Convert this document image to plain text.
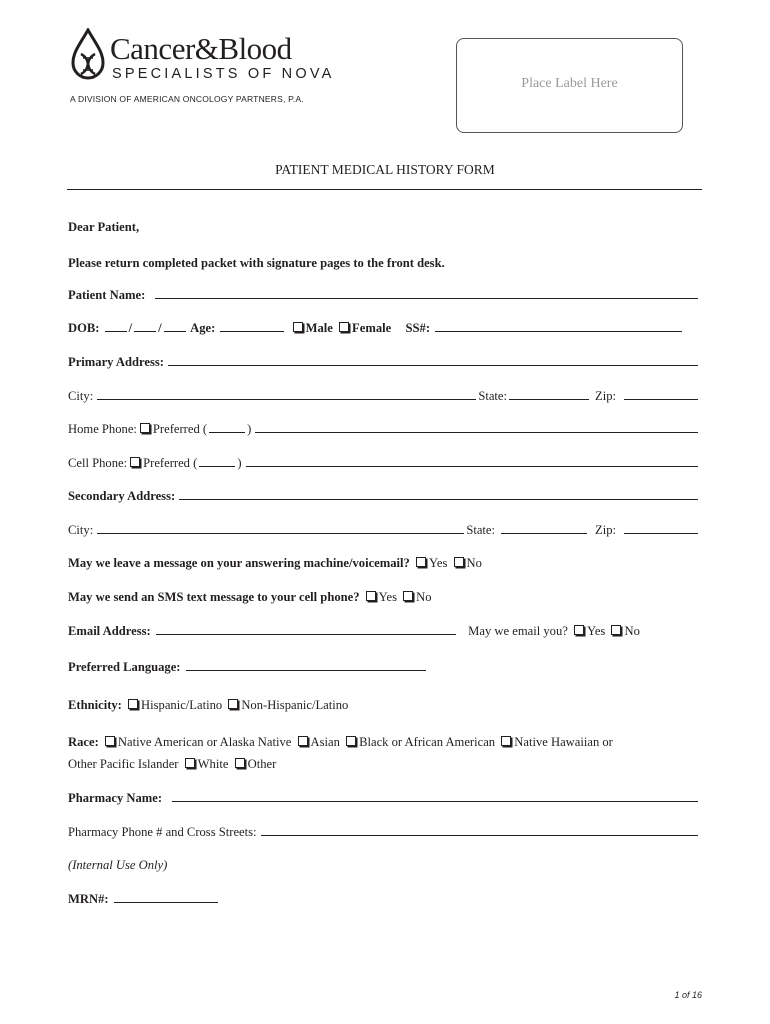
Cancer&Blood
SPECIALISTS OF NOVA
A DIVISION OF AMERICAN ONCOLOGY PARTNERS, P.A.
Place Label Here
PATIENT MEDICAL HISTORY FORM
Dear Patient,
Please return completed packet with signature pages to the front desk.
Patient Name:
DOB: / / Age:	Male Female SS#:
Primary Address:
City:	State:	Zip:
Home Phone: Preferred (	)
Cell Phone: Preferred (	)
Secondary Address:
City:	State:	Zip:
May we leave a message on your answering machine/voicemail? Yes No
May we send an SMS text message to your cell phone? Yes No
Email Address:	May we email you? Yes No
Preferred Language:
Ethnicity: Hispanic/Latino Non-Hispanic/Latino
Race: Native American or Alaska Native Asian Black or African American Native Hawaiian or
Other Pacific Islander White Other
Pharmacy Name:
Pharmacy Phone # and Cross Streets:
(Internal Use Only)
MRN#:
1 of 16
